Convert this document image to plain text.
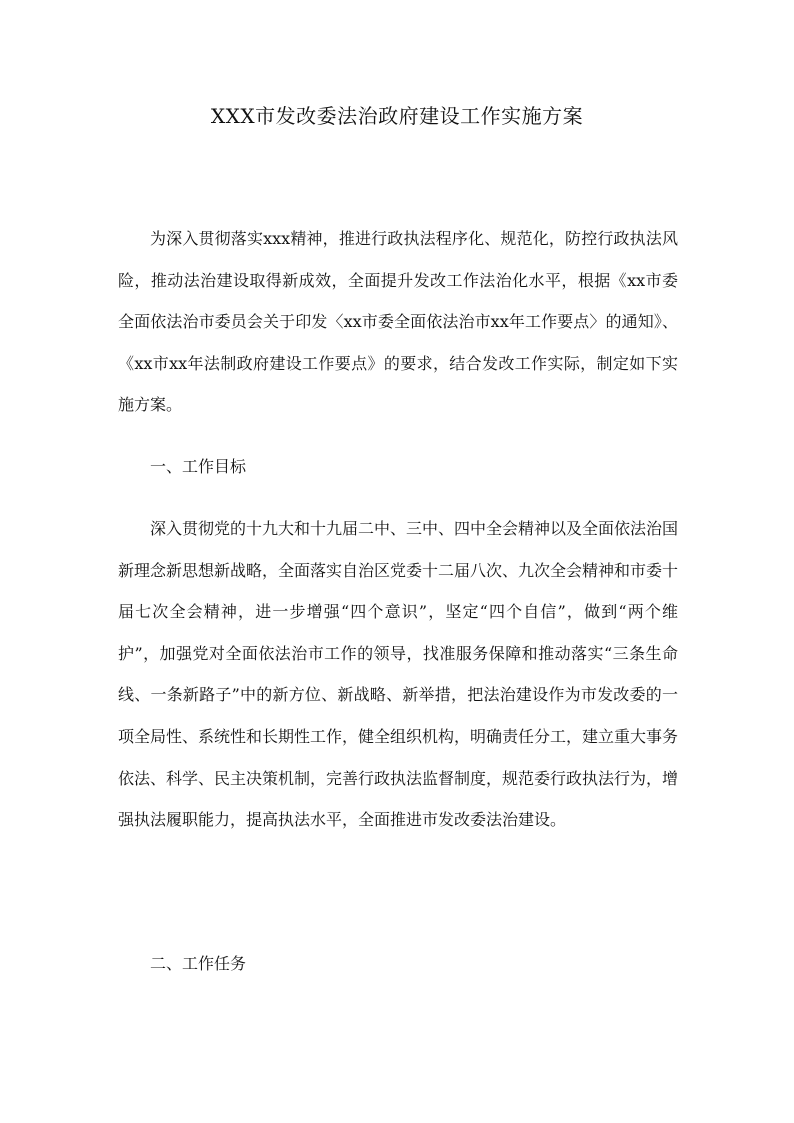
XXX市发改委法治政府建设工作实施方案

为深入贯彻落实xxx精神，推进行政执法程序化、规范化，防控行政执法风险，推动法治建设取得新成效，全面提升发改工作法治化水平，根据《xx市委全面依法治市委员会关于印发〈xx市委全面依法治市xx年工作要点〉的通知》、《xx市xx年法制政府建设工作要点》的要求，结合发改工作实际，制定如下实施方案。

一、工作目标

深入贯彻党的十九大和十九届二中、三中、四中全会精神以及全面依法治国新理念新思想新战略，全面落实自治区党委十二届八次、九次全会精神和市委十届七次全会精神，进一步增强“四个意识”，坚定“四个自信”，做到“两个维护”，加强党对全面依法治市工作的领导，找准服务保障和推动落实“三条生命线、一条新路子”中的新方位、新战略、新举措，把法治建设作为市发改委的一项全局性、系统性和长期性工作，健全组织机构，明确责任分工，建立重大事务依法、科学、民主决策机制，完善行政执法监督制度，规范委行政执法行为，增强执法履职能力，提高执法水平，全面推进市发改委法治建设。

二、工作任务
